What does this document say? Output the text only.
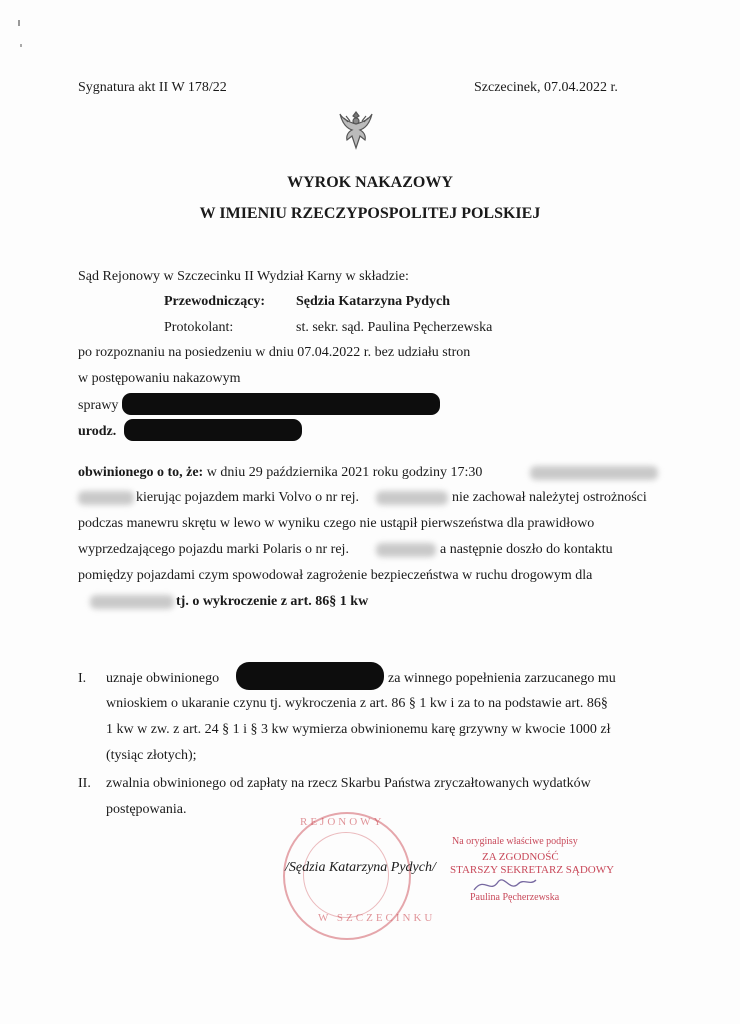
Sygnatura akt II W 178/22	Szczecinek, 07.04.2022 r.
WYROK NAKAZOWY
W IMIENIU RZECZYPOSPOLITEJ POLSKIEJ
Sąd Rejonowy w Szczecinku II Wydział Karny w składzie:
Przewodniczący: Sędzia Katarzyna Pydych
Protokolant:	st. sekr. sąd. Paulina Pęcherzewska
po rozpoznaniu na posiedzeniu w dniu 07.04.2022 r. bez udziału stron
w postępowaniu nakazowym
sprawy
urodz.
obwinionego o to, że: w dniu 29 października 2021 roku godziny 17:30
kierując pojazdem marki Volvo o nr rej.	nie zachował należytej ostrożności
podczas manewru skrętu w lewo w wyniku czego nie ustąpił pierwszeństwa dla prawidłowo
wyprzedzającego pojazdu marki Polaris o nr rej.	a następnie doszło do kontaktu
pomiędzy pojazdami czym spowodował zagrożenie bezpieczeństwa w ruchu drogowym dla
tj. o wykroczenie z art. 86§ 1 kw
I. uznaje obwinionego	za winnego popełnienia zarzucanego mu
wnioskiem o ukaranie czynu tj. wykroczenia z art. 86 § 1 kw i za to na podstawie art. 86§
1 kw w zw. z art. 24 § 1 i § 3 kw wymierza obwinionemu karę grzywny w kwocie 1000 zł
(tysiąc złotych);
II. zwalnia obwinionego od zapłaty na rzecz Skarbu Państwa zryczałtowanych wydatków
postępowania.
REJONOWY
W SZCZECINKU
/Sędzia Katarzyna Pydych/
Na oryginale właściwe podpisy
ZA ZGODNOŚĆ
STARSZY SEKRETARZ SĄDOWY
Paulina Pęcherzewska
